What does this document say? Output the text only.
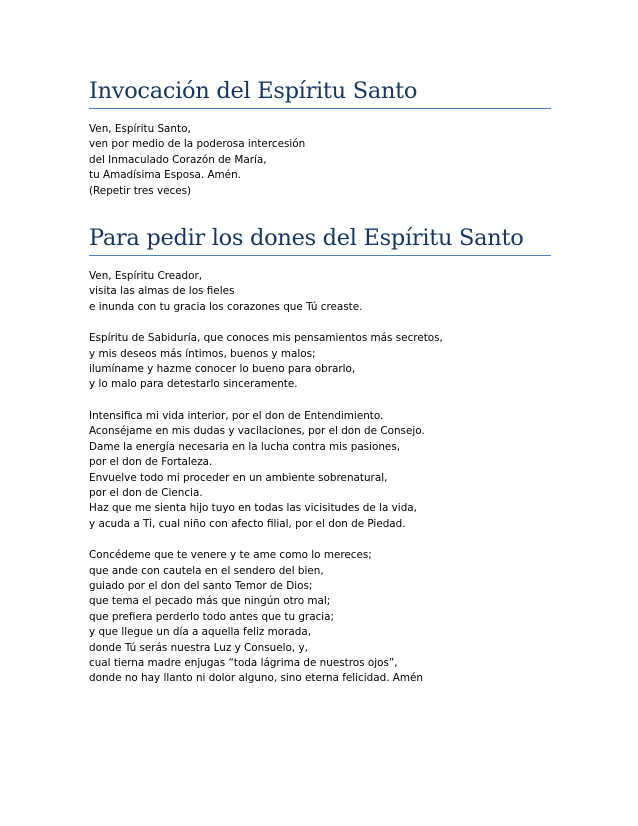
Invocación del Espíritu Santo
Ven, Espíritu Santo,
ven por medio de la poderosa intercesión
del Inmaculado Corazón de María,
tu Amadísima Esposa. Amén.
(Repetir tres veces)
Para pedir los dones del Espíritu Santo
Ven, Espíritu Creador,
visita las almas de los fieles
e inunda con tu gracia los corazones que Tú creaste.
Espíritu de Sabiduría, que conoces mis pensamientos más secretos,
y mis deseos más íntimos, buenos y malos;
ilumíname y hazme conocer lo bueno para obrarlo,
y lo malo para detestarlo sinceramente.
Intensifica mi vida interior, por el don de Entendimiento.
Aconséjame en mis dudas y vacilaciones, por el don de Consejo.
Dame la energía necesaria en la lucha contra mis pasiones,
por el don de Fortaleza.
Envuelve todo mi proceder en un ambiente sobrenatural,
por el don de Ciencia.
Haz que me sienta hijo tuyo en todas las vicisitudes de la vida,
y acuda a Ti, cual niño con afecto filial, por el don de Piedad.
Concédeme que te venere y te ame como lo mereces;
que ande con cautela en el sendero del bien,
guiado por el don del santo Temor de Dios;
que tema el pecado más que ningún otro mal;
que prefiera perderlo todo antes que tu gracia;
y que llegue un día a aquella feliz morada,
donde Tú serás nuestra Luz y Consuelo, y,
cual tierna madre enjugas “toda lágrima de nuestros ojos”,
donde no hay llanto ni dolor alguno, sino eterna felicidad. Amén
